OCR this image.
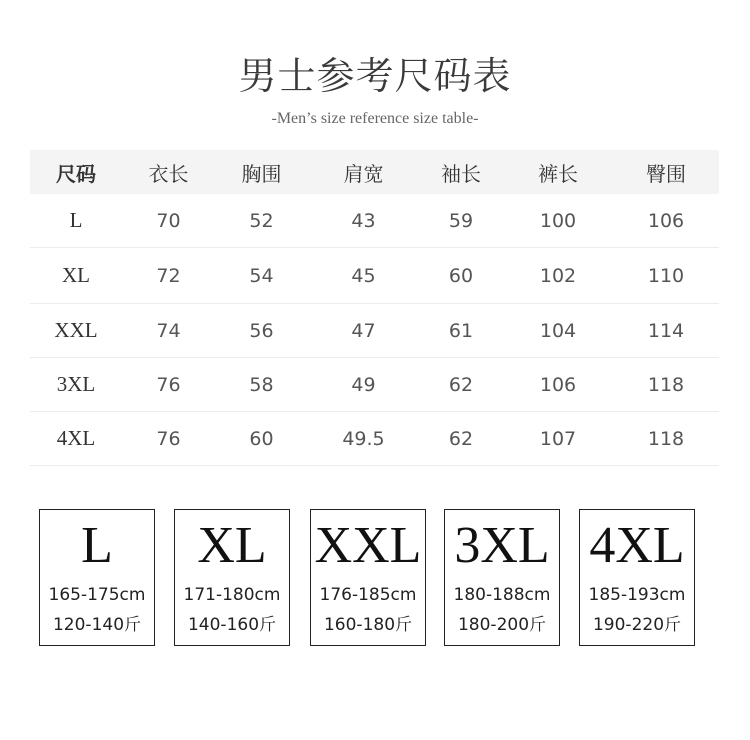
男士参考尺码表
-Men’s size reference size table-
尺码	衣长	胸围	肩宽	袖长	裤长	臀围
L	70	52	43	59	100	106
XL	72	54	45	60	102	110
XXL	74	56	47	61	104	114
3XL	76	58	49	62	106	118
4XL	76	60	49.5	62	107	118
L
165-175cm
120-140斤
XL
171-180cm
140-160斤
XXL
176-185cm
160-180斤
3XL
180-188cm
180-200斤
4XL
185-193cm
190-220斤
